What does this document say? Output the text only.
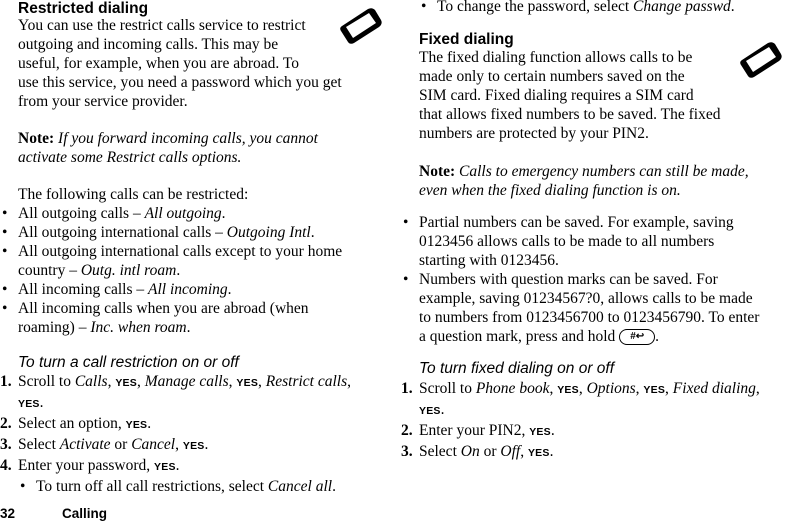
Restricted dialing

You can use the restrict calls service to restrict

outgoing and incoming calls. This may be

useful, for example, when you are abroad. To

use this service, you need a password which you get

from your service provider.

Note: If you forward incoming calls, you cannot

activate some Restrict calls options.

The following calls can be restricted:

• All outgoing calls – All outgoing.
• All outgoing international calls – Outgoing Intl.
• All outgoing international calls except to your home
country – Outg. intl roam.
• All incoming calls – All incoming.
• All incoming calls when you are abroad (when
roaming) – Inc. when roam.
To turn a call restriction on or off
1. Scroll to Calls, YES, Manage calls, YES, Restrict calls,
YES.
2. Select an option, YES.
3. Select Activate or Cancel, YES.
4. Enter your password, YES.
• To turn off all call restrictions, select Cancel all.
• To change the password, select Change passwd.
Fixed dialing

The fixed dialing function allows calls to be

made only to certain numbers saved on the

SIM card. Fixed dialing requires a SIM card

that allows fixed numbers to be saved. The fixed

numbers are protected by your PIN2.

Note: Calls to emergency numbers can still be made,

even when the fixed dialing function is on.

• Partial numbers can be saved. For example, saving
0123456 allows calls to be made to all numbers
starting with 0123456.
• Numbers with question marks can be saved. For
example, saving 01234567?0, allows calls to be made
to numbers from 0123456700 to 0123456790. To enter
a question mark, press and hold #↩ .
To turn fixed dialing on or off
1. Scroll to Phone book, YES, Options, YES, Fixed dialing,
YES.
2. Enter your PIN2, YES.
3. Select On or Off, YES.
32	Calling
